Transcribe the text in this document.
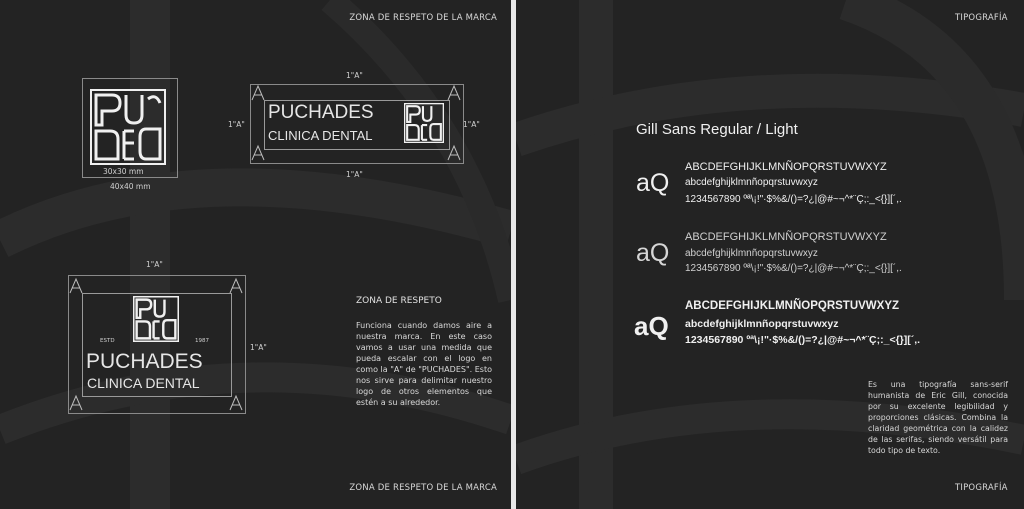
ZONA DE RESPETO DE LA MARCA
ZONA DE RESPETO DE LA MARCA
30x30 mm
40x40 mm
1"A"
1"A"
1"A"	1"A"
PUCHADES
CLINICA DENTAL
1"A"
1"A"
ESTD	1987
PUCHADES
CLINICA DENTAL
ZONA DE RESPETO
Funciona cuando damos aire a nuestra marca. En este caso vamos a usar una medida que pueda escalar con el logo en como la "A" de "PUCHADES". Esto nos sirve para delimitar nuestro logo de otros elementos que estén a su alrededor.
TIPOGRAFÍA
TIPOGRAFÍA
Gill Sans Regular / Light
aQ
ABCDEFGHIJKLMNÑOPQRSTUVWXYZ
abcdefghijklmnñopqrstuvwxyz
1234567890 ºª\¡!"·$%&/()=?¿|@#~¬^*¨Ç;:_<{}][´,.
aQ
ABCDEFGHIJKLMNÑOPQRSTUVWXYZ
abcdefghijklmnñopqrstuvwxyz
1234567890 ºª\¡!"·$%&/()=?¿|@#~¬^*¨Ç;:_<{}][´,.
aQ
ABCDEFGHIJKLMNÑOPQRSTUVWXYZ
abcdefghijklmnñopqrstuvwxyz
1234567890 ºª\¡!"·$%&/()=?¿|@#~¬^*¨Ç;:_<{}][´,.
Es una tipografía sans-serif humanista de Eric Gill, conocida por su excelente legibilidad y proporciones clásicas. Combina la claridad geométrica con la calidez de las serifas, siendo versátil para todo tipo de texto.
